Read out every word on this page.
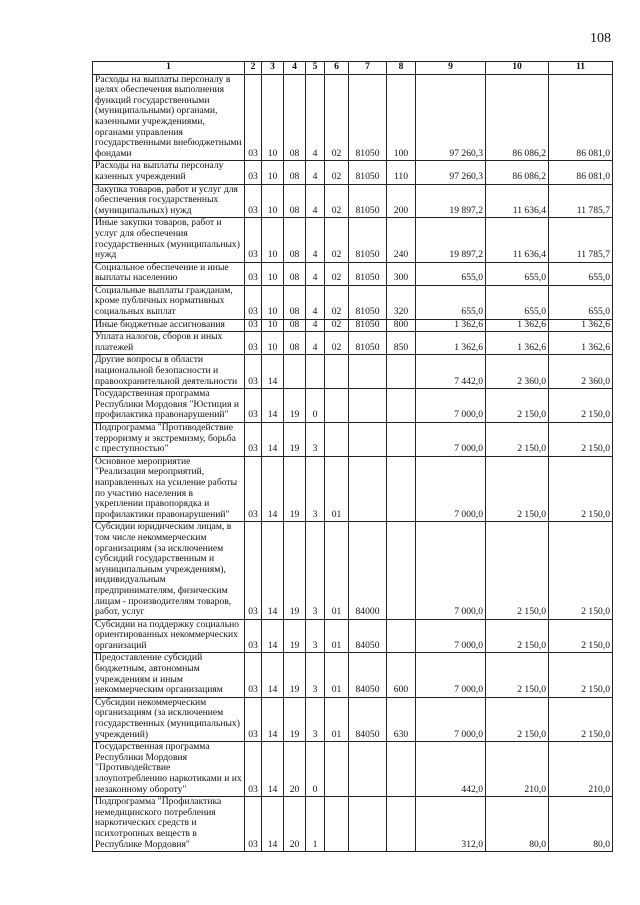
108
1	2	3	4	5	6	7	8	9	10	11
Расходы на выплаты персоналу в целях обеспечения выполнения функций государственными (муниципальными) органами, казенными учреждениями, органами управления государственными внебюджетными фондами	03	10	08	4	02	81050	100	97 260,3	86 086,2	86 081,0
Расходы на выплаты персоналу казенных учреждений	03	10	08	4	02	81050	110	97 260,3	86 086,2	86 081,0
Закупка товаров, работ и услуг для обеспечения государственных (муниципальных) нужд	03	10	08	4	02	81050	200	19 897,2	11 636,4	11 785,7
Иные закупки товаров, работ и услуг для обеспечения государственных (муниципальных) нужд	03	10	08	4	02	81050	240	19 897,2	11 636,4	11 785,7
Социальное обеспечение и иные выплаты населению	03	10	08	4	02	81050	300	655,0	655,0	655,0
Социальные выплаты гражданам, кроме публичных нормативных социальных выплат	03	10	08	4	02	81050	320	655,0	655,0	655,0
Иные бюджетные ассигнования	03	10	08	4	02	81050	800	1 362,6	1 362,6	1 362,6
Уплата налогов, сборов и иных платежей	03	10	08	4	02	81050	850	1 362,6	1 362,6	1 362,6
Другие вопросы в области национальной безопасности и правоохранительной деятельности	03	14						7 442,0	2 360,0	2 360,0
Государственная программа Республики Мордовия "Юстиция и профилактика правонарушений"	03	14	19	0				7 000,0	2 150,0	2 150,0
Подпрограмма "Противодействие терроризму и экстремизму, борьба с преступностью"	03	14	19	3				7 000,0	2 150,0	2 150,0
Основное мероприятие "Реализация мероприятий, направленных на усиление работы по участию населения в укреплении правопорядка и профилактики правонарушений"	03	14	19	3	01			7 000,0	2 150,0	2 150,0
Субсидии юридическим лицам, в том числе некоммерческим организациям (за исключением субсидий государственным и муниципальным учреждениям), индивидуальным предпринимателям, физическим лицам - производителям товаров, работ, услуг	03	14	19	3	01	84000		7 000,0	2 150,0	2 150,0
Субсидии на поддержку социально ориентированных некоммерческих организаций	03	14	19	3	01	84050		7 000,0	2 150,0	2 150,0
Предоставление субсидий бюджетным, автономным учреждениям и иным некоммерческим организациям	03	14	19	3	01	84050	600	7 000,0	2 150,0	2 150,0
Субсидии некоммерческим организациям (за исключением государственных (муниципальных) учреждений)	03	14	19	3	01	84050	630	7 000,0	2 150,0	2 150,0
Государственная программа Республики Мордовия "Противодействие злоупотреблению наркотиками и их незаконному обороту"	03	14	20	0				442,0	210,0	210,0
Подпрограмма "Профилактика немедицинского потребления наркотических средств и психотропных веществ в Республике Мордовия"	03	14	20	1				312,0	80,0	80,0
